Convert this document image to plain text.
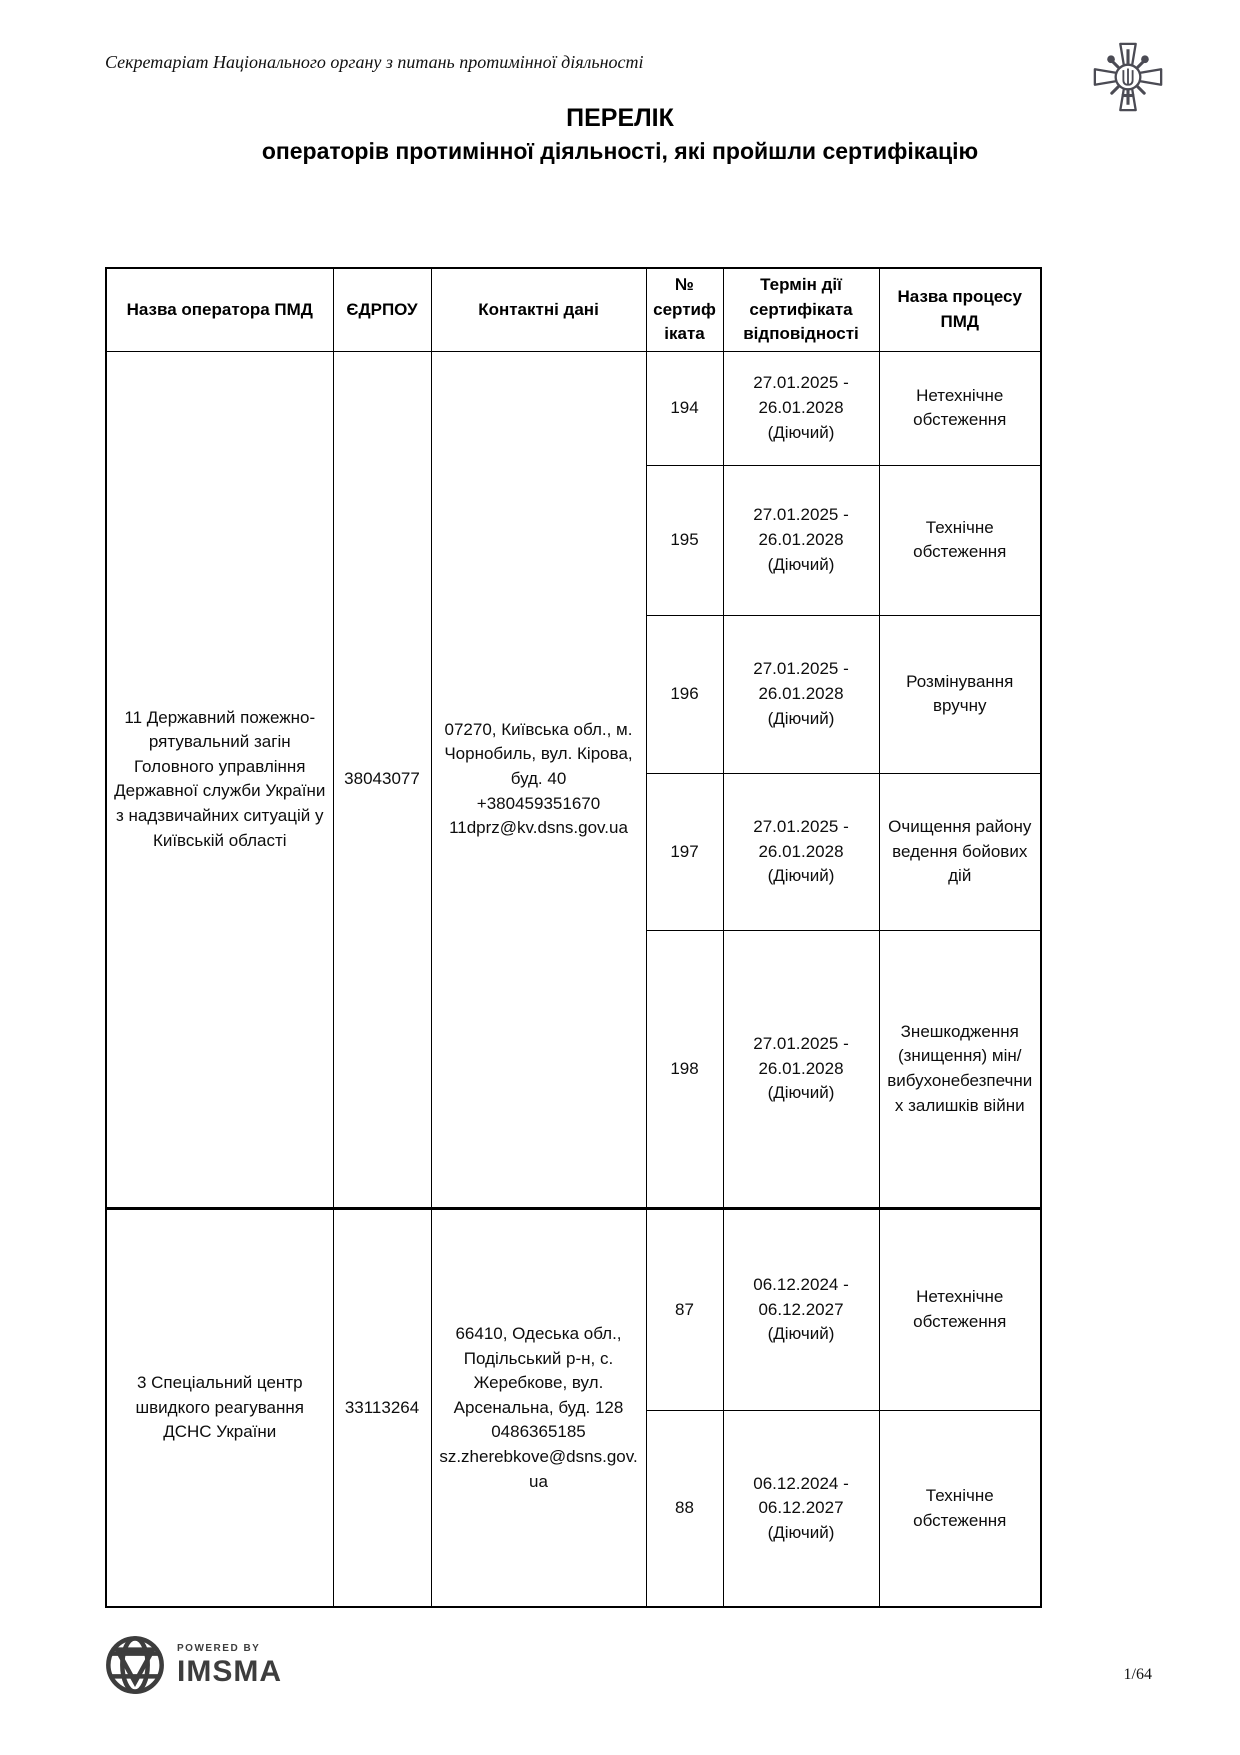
Секретаріат Національного органу з питань протимінної діяльності
ПЕРЕЛІК
операторів протимінної діяльності, які пройшли сертифікацію
Назва оператора ПМД	ЄДРПОУ	Контактні дані	№ сертифіката	Термін дії сертифіката відповідності	Назва процесу ПМД
11 Державний пожежно-рятувальний загін Головного управління Державної служби України з надзвичайних ситуацій у Київській області	38043077	07270, Київська обл., м. Чорнобиль, вул. Кірова, буд. 40
+380459351670
11dprz@kv.dsns.gov.ua	194	27.01.2025 - 26.01.2028 (Діючий)	Нетехнічне обстеження
			195	27.01.2025 - 26.01.2028 (Діючий)	Технічне обстеження
			196	27.01.2025 - 26.01.2028 (Діючий)	Розмінування вручну
			197	27.01.2025 - 26.01.2028 (Діючий)	Очищення району ведення бойових дій
			198	27.01.2025 - 26.01.2028 (Діючий)	Знешкодження (знищення) мін/вибухонебезпечних залишків війни
3 Спеціальний центр швидкого реагування ДСНС України	33113264	66410, Одеська обл., Подільський р-н, с. Жеребкове, вул. Арсенальна, буд. 128
0486365185
sz.zherebkove@dsns.gov.ua	87	06.12.2024 - 06.12.2027 (Діючий)	Нетехнічне обстеження
			88	06.12.2024 - 06.12.2027 (Діючий)	Технічне обстеження
POWERED BY
IMSMA	1/64
